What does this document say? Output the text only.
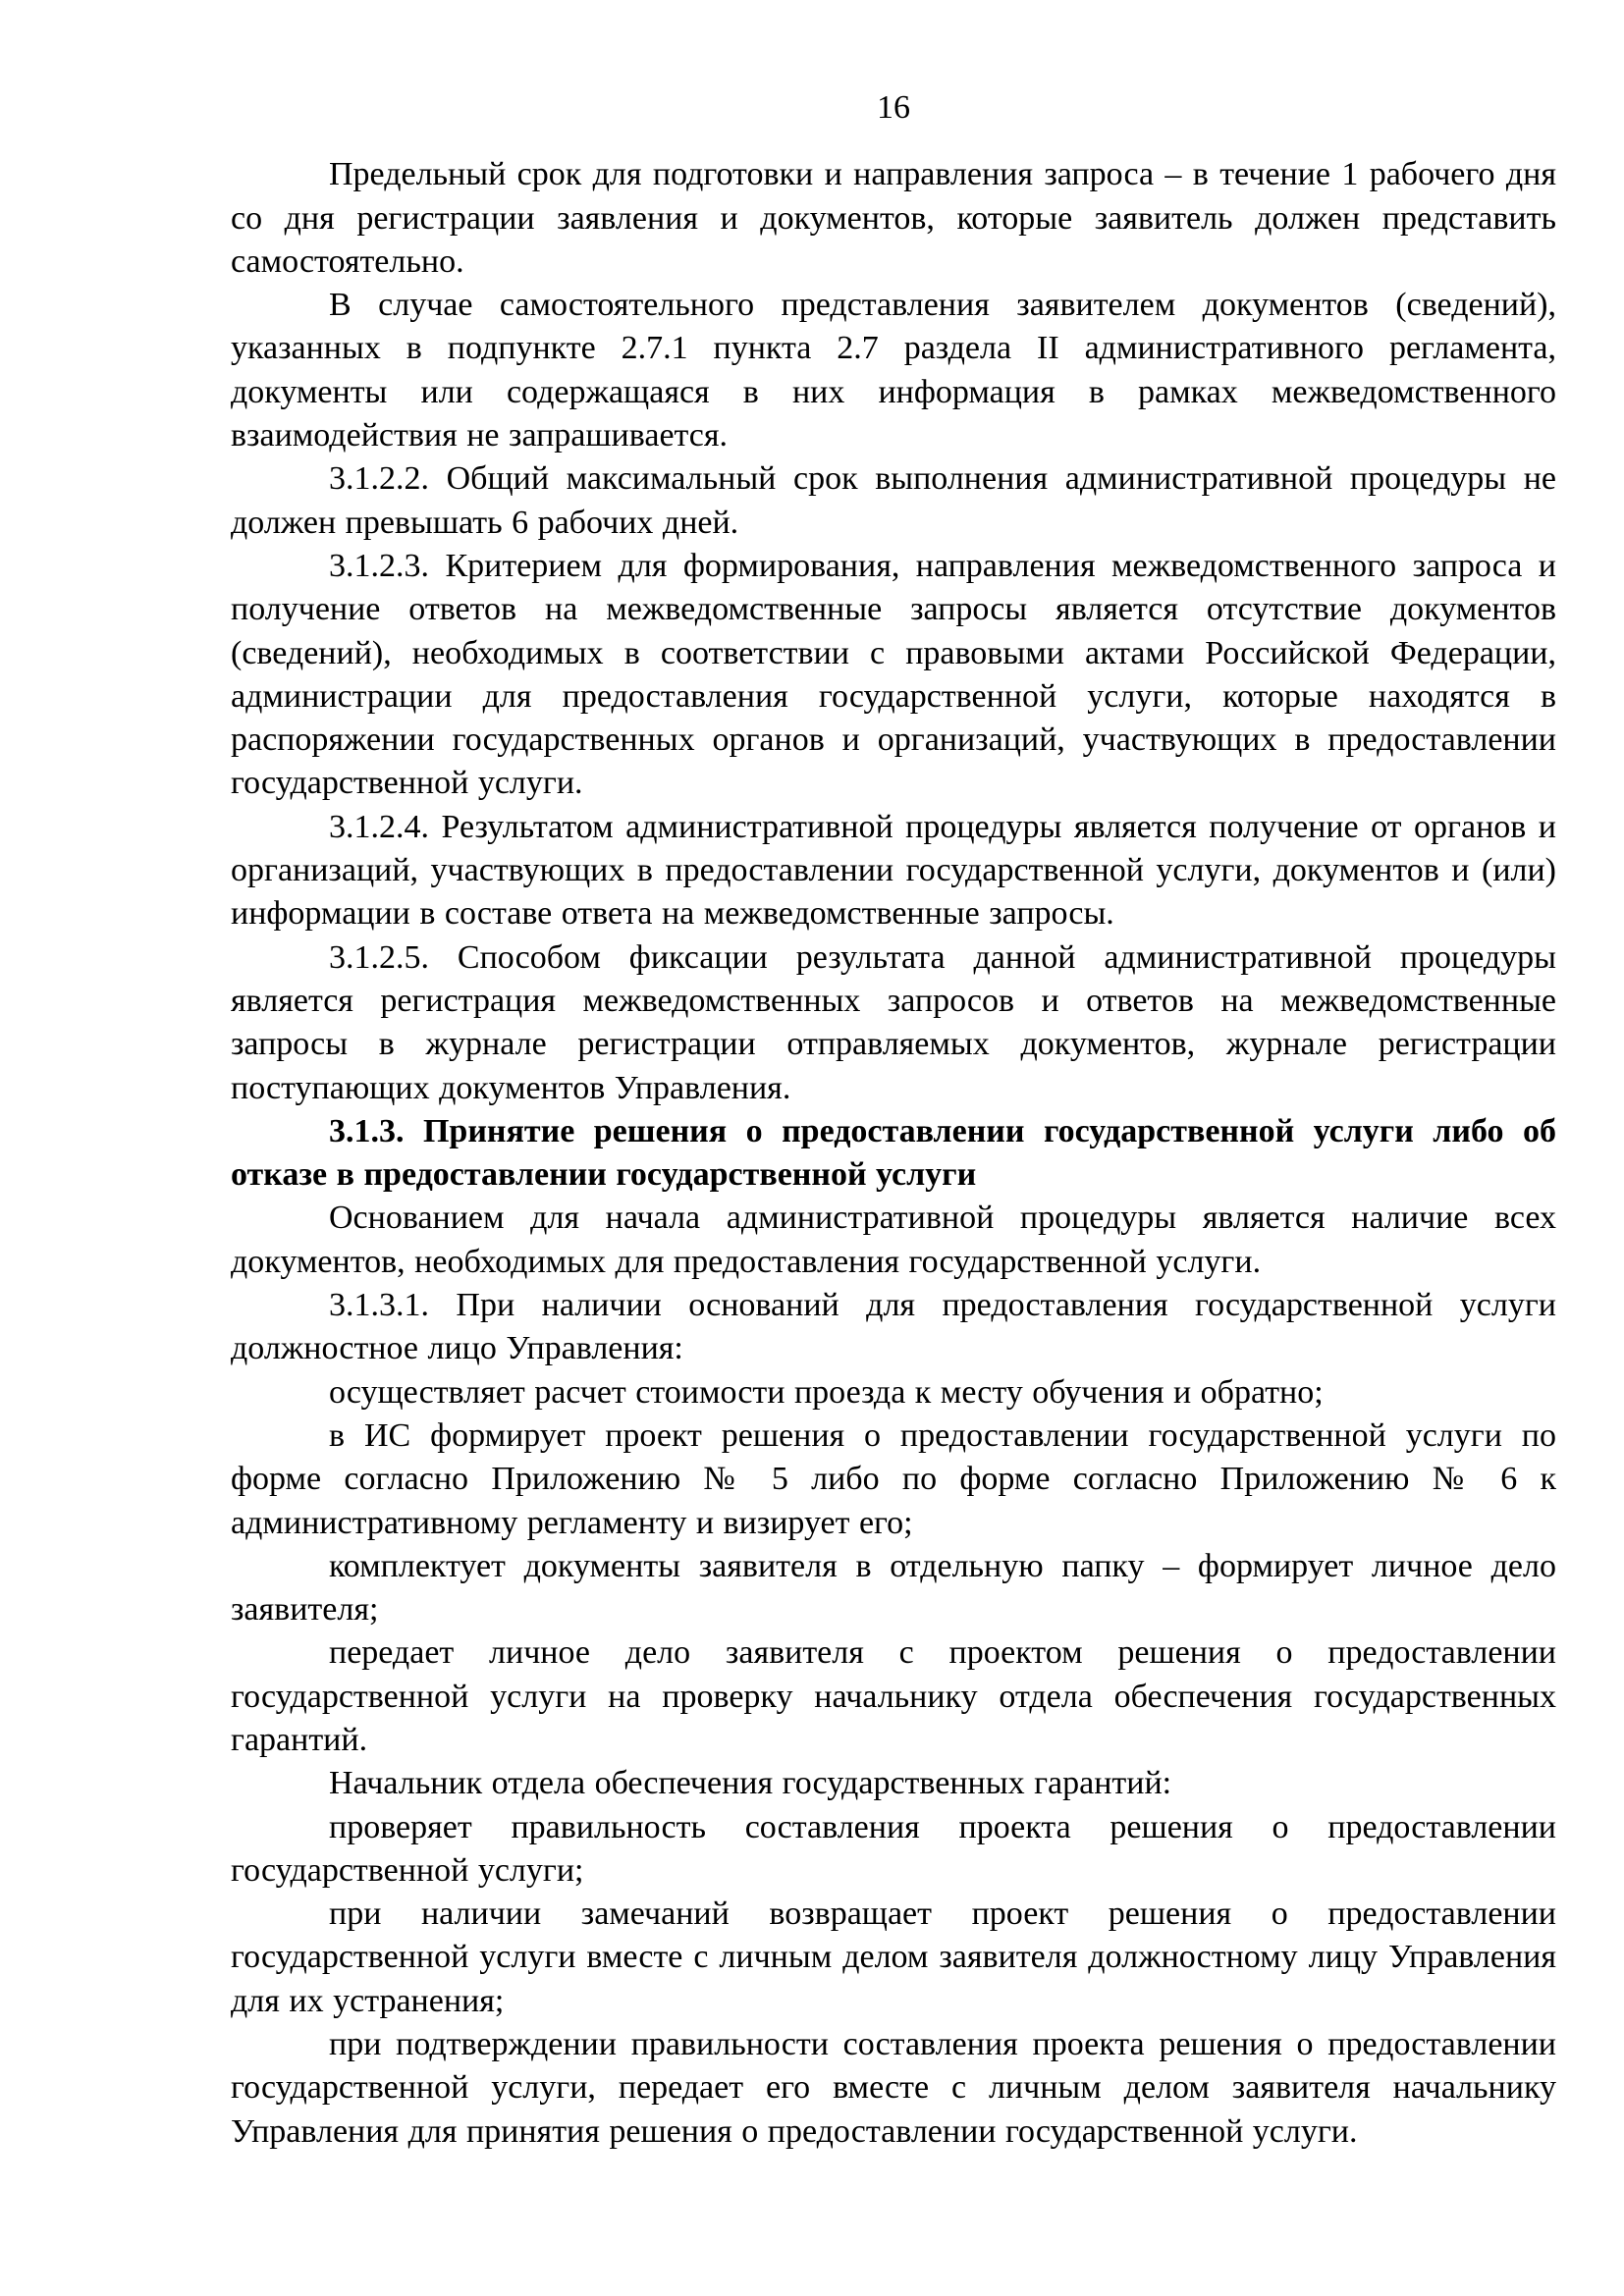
16

Предельный срок для подготовки и направления запроса – в течение 1 рабочего дня со дня регистрации заявления и документов, которые заявитель должен представить самостоятельно.

В случае самостоятельного представления заявителем документов (сведений), указанных в подпункте 2.7.1 пункта 2.7 раздела II административного регламента, документы или содержащаяся в них информация в рамках межведомственного взаимодействия не запрашивается.

3.1.2.2. Общий максимальный срок выполнения административной процедуры не должен превышать 6 рабочих дней.

3.1.2.3. Критерием для формирования, направления межведомственного запроса и получение ответов на межведомственные запросы является отсутствие документов (сведений), необходимых в соответствии с правовыми актами Российской Федерации, администрации для предоставления государственной услуги, которые находятся в распоряжении государственных органов и организаций, участвующих в предоставлении государственной услуги.

3.1.2.4. Результатом административной процедуры является получение от органов и организаций, участвующих в предоставлении государственной услуги, документов и (или) информации в составе ответа на межведомственные запросы.

3.1.2.5. Способом фиксации результата данной административной процедуры является регистрация межведомственных запросов и ответов на межведомственные запросы в журнале регистрации отправляемых документов, журнале регистрации поступающих документов Управления.

3.1.3. Принятие решения о предоставлении государственной услуги либо об отказе в предоставлении государственной услуги

Основанием для начала административной процедуры является наличие всех документов, необходимых для предоставления государственной услуги.

3.1.3.1. При наличии оснований для предоставления государственной услуги должностное лицо Управления:

осуществляет расчет стоимости проезда к месту обучения и обратно;

в ИС формирует проект решения о предоставлении государственной услуги по форме согласно Приложению № 5 либо по форме согласно Приложению № 6 к административному регламенту и визирует его;

комплектует документы заявителя в отдельную папку – формирует личное дело заявителя;

передает личное дело заявителя с проектом решения о предоставлении государственной услуги на проверку начальнику отдела обеспечения государственных гарантий.

Начальник отдела обеспечения государственных гарантий:

проверяет правильность составления проекта решения о предоставлении государственной услуги;

при наличии замечаний возвращает проект решения о предоставлении государственной услуги вместе с личным делом заявителя должностному лицу Управления для их устранения;

при подтверждении правильности составления проекта решения о предоставлении государственной услуги, передает его вместе с личным делом заявителя начальнику Управления для принятия решения о предоставлении государственной услуги.
